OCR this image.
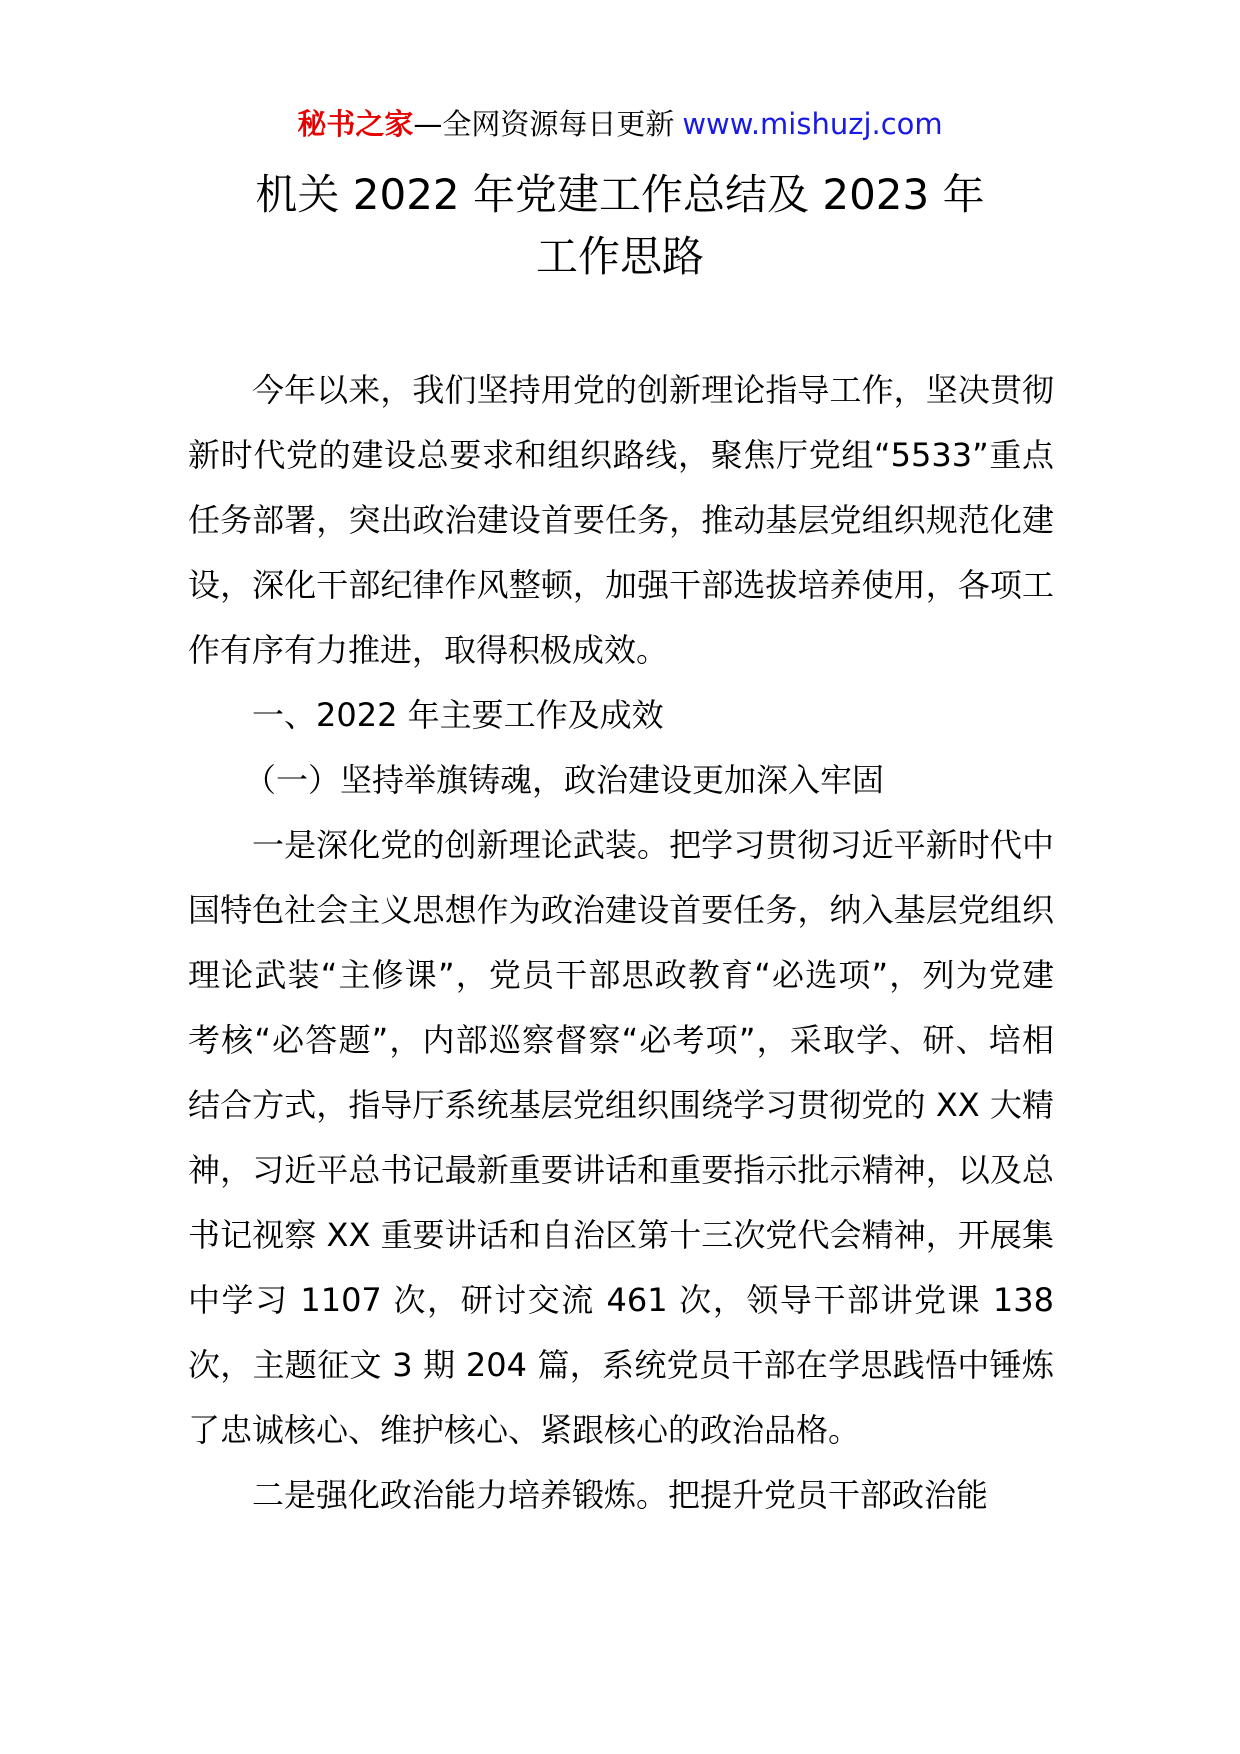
秘书之家—全网资源每日更新 www.mishuzj.com
机关 2022 年党建工作总结及 2023 年
工作思路

今年以来，我们坚持用党的创新理论指导工作，坚决贯彻新时代党的建设总要求和组织路线，聚焦厅党组“5533”重点任务部署，突出政治建设首要任务，推动基层党组织规范化建设，深化干部纪律作风整顿，加强干部选拔培养使用，各项工作有序有力推进，取得积极成效。

一、2022 年主要工作及成效

（一）坚持举旗铸魂，政治建设更加深入牢固

一是深化党的创新理论武装。把学习贯彻习近平新时代中国特色社会主义思想作为政治建设首要任务，纳入基层党组织理论武装“主修课”，党员干部思政教育“必选项”，列为党建考核“必答题”，内部巡察督察“必考项”，采取学、研、培相结合方式，指导厅系统基层党组织围绕学习贯彻党的 XX 大精神，习近平总书记最新重要讲话和重要指示批示精神，以及总书记视察 XX 重要讲话和自治区第十三次党代会精神，开展集中学习 1107 次，研讨交流 461 次，领导干部讲党课 138 次，主题征文 3 期 204 篇，系统党员干部在学思践悟中锤炼了忠诚核心、维护核心、紧跟核心的政治品格。

二是强化政治能力培养锻炼。把提升党员干部政治能
